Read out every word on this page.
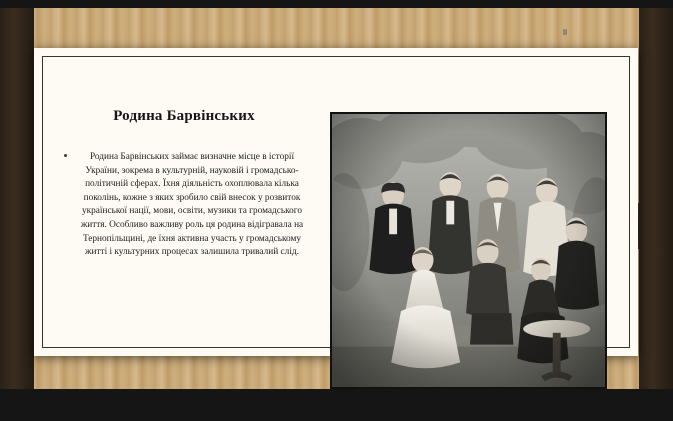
Родина Барвінських

Родина Барвінських займає визначне місце в історії України, зокрема в культурній, науковій і громадсько-політичній сферах. Їхня діяльність охоплювала кілька поколінь, кожне з яких зробило свій внесок у розвиток української нації, мови, освіти, музики та громадського життя. Особливо важливу роль ця родина відігравала на Тернопільщині, де їхня активна участь у громадському житті і культурних процесах залишила тривалий слід.
